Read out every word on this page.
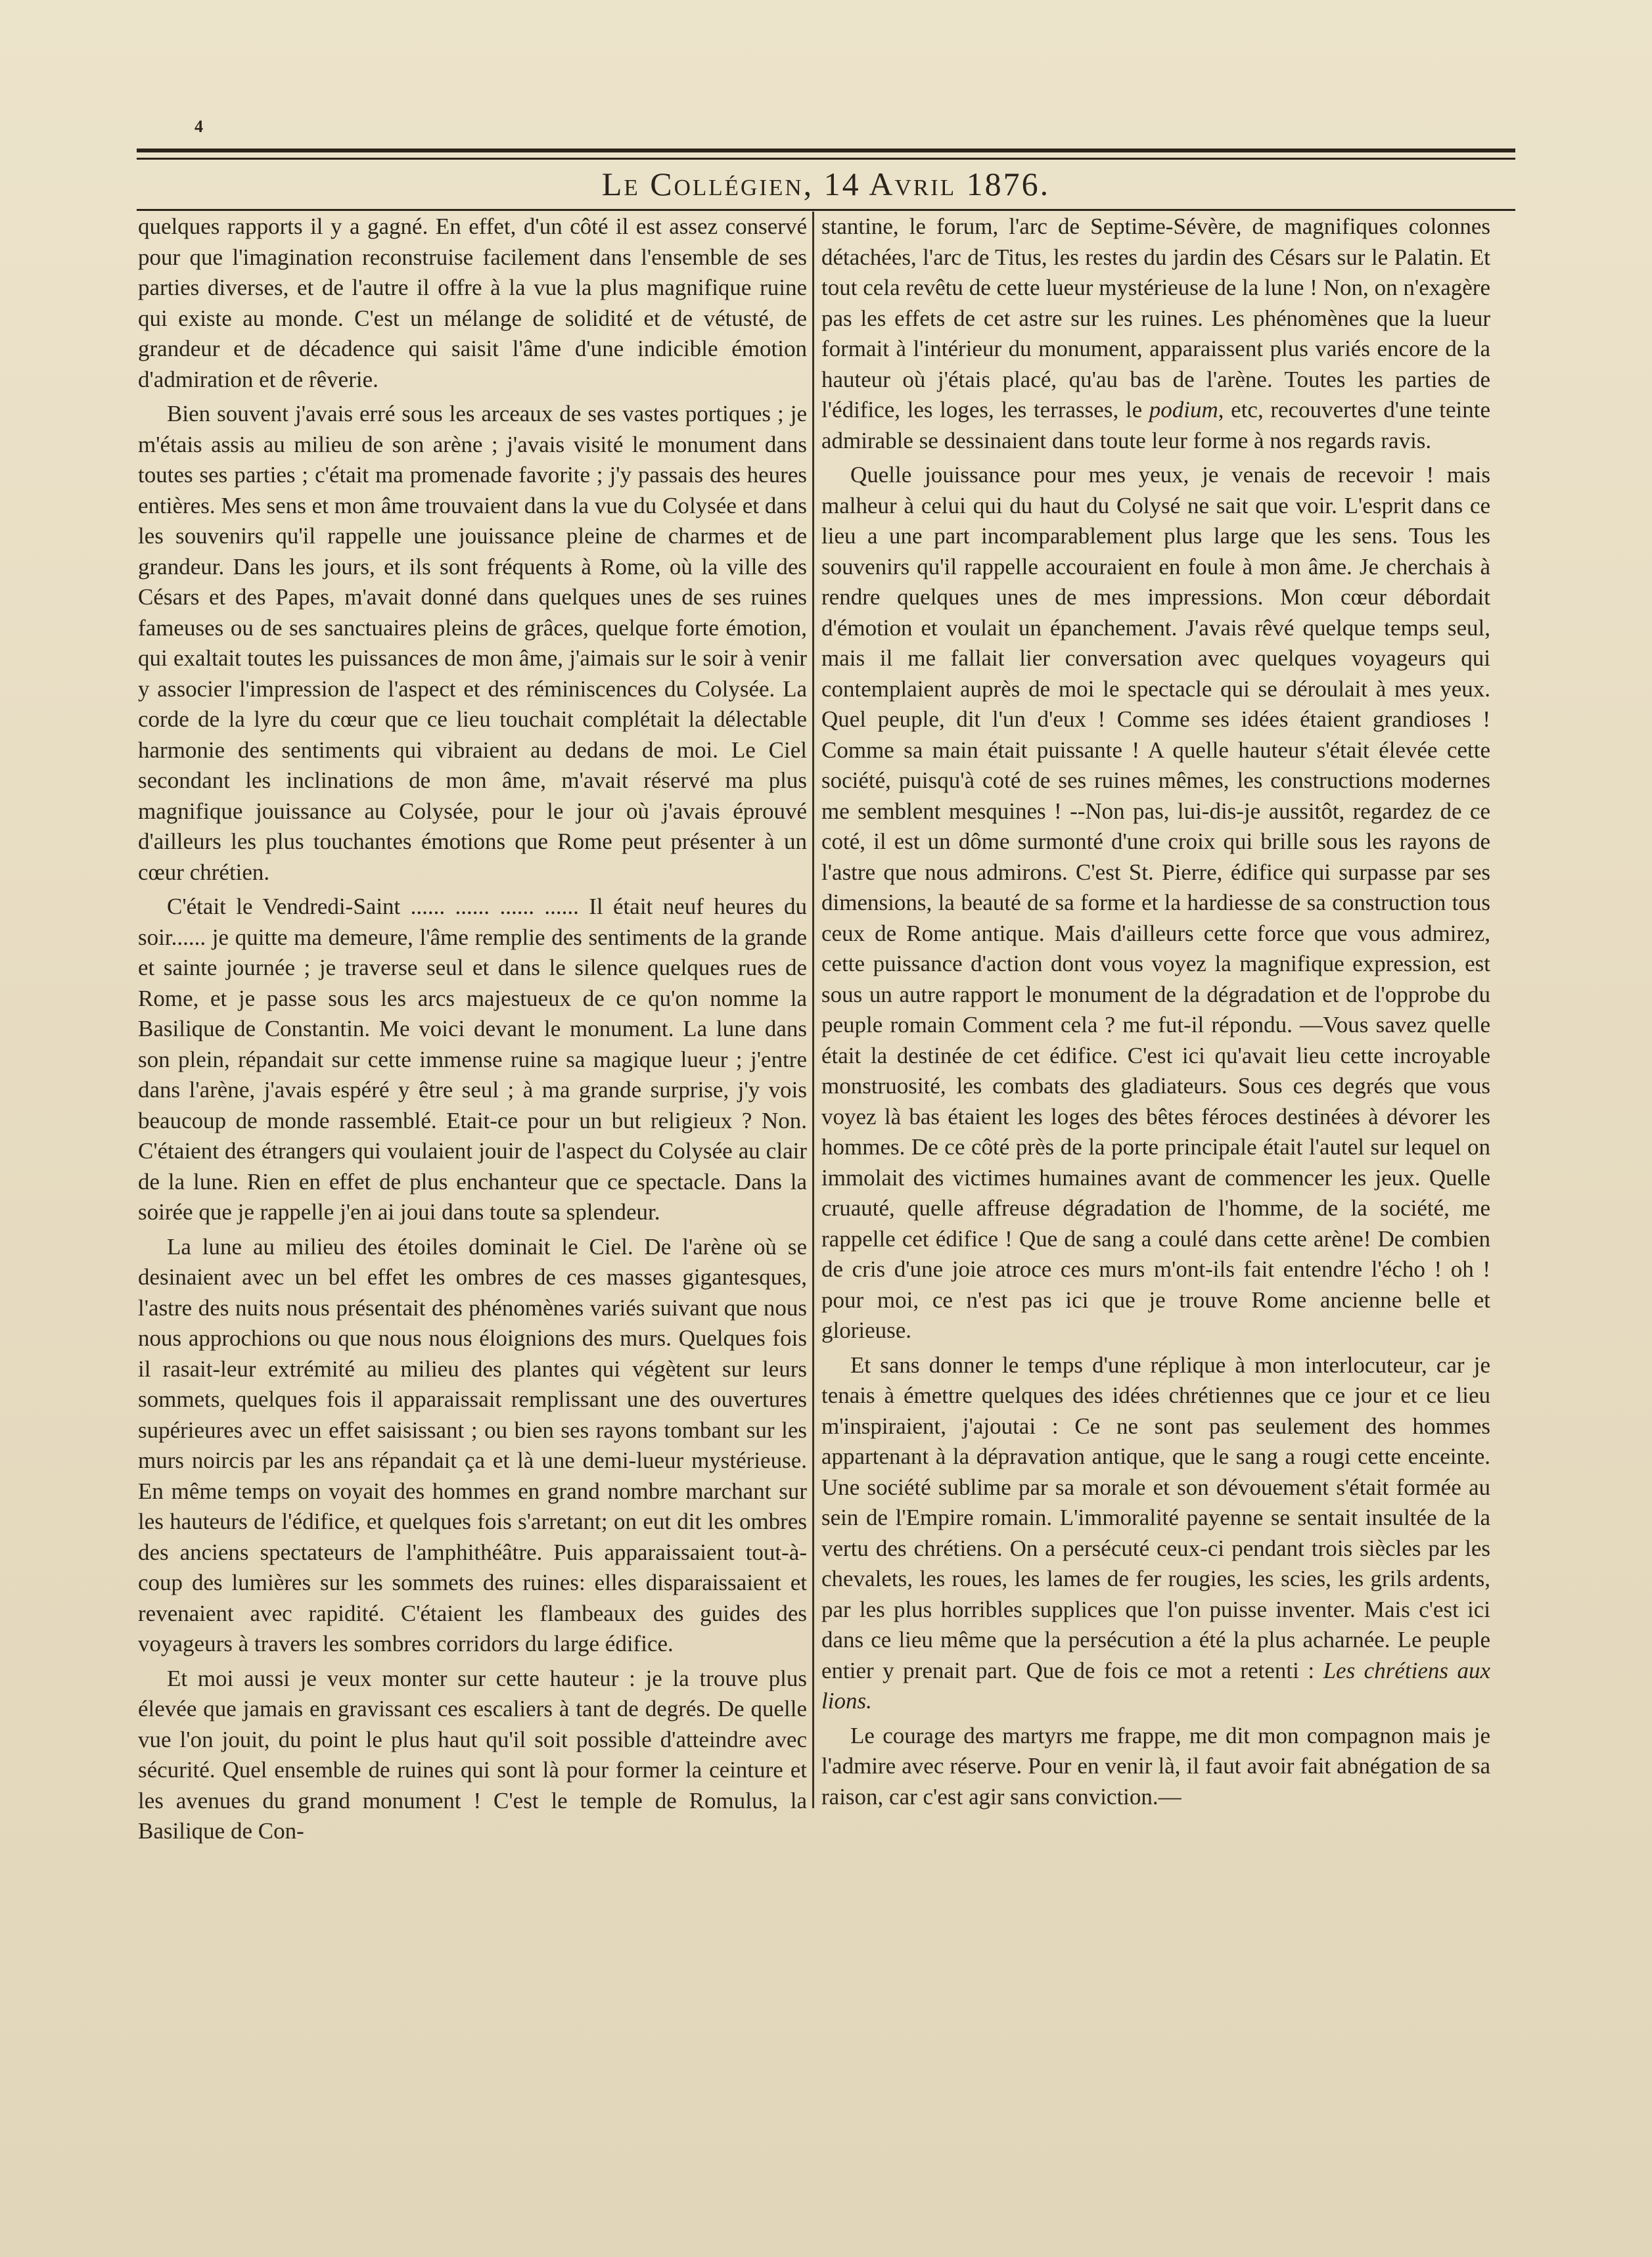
4
Le Collégien, 14 Avril 1876.

quelques rapports il y a gagné. En effet, d'un côté il est assez conservé pour que l'imagination reconstruise facilement dans l'ensemble de ses parties diverses, et de l'autre il offre à la vue la plus magnifique ruine qui existe au monde. C'est un mélange de solidité et de vétusté, de grandeur et de décadence qui saisit l'âme d'une indicible émotion d'admiration et de rêverie.

Bien souvent j'avais erré sous les arceaux de ses vastes portiques ; je m'étais assis au milieu de son arène ; j'avais visité le monument dans toutes ses parties ; c'était ma promenade favorite ; j'y passais des heures entières. Mes sens et mon âme trouvaient dans la vue du Colysée et dans les souvenirs qu'il rappelle une jouissance pleine de charmes et de grandeur. Dans les jours, et ils sont fréquents à Rome, où la ville des Césars et des Papes, m'avait donné dans quelques unes de ses ruines fameuses ou de ses sanctuaires pleins de grâces, quelque forte émotion, qui exaltait toutes les puissances de mon âme, j'aimais sur le soir à venir y associer l'impression de l'aspect et des réminiscences du Colysée. La corde de la lyre du cœur que ce lieu touchait complétait la délectable harmonie des sentiments qui vibraient au dedans de moi. Le Ciel secondant les inclinations de mon âme, m'avait réservé ma plus magnifique jouissance au Colysée, pour le jour où j'avais éprouvé d'ailleurs les plus touchantes émotions que Rome peut présenter à un cœur chrétien.

C'était le Vendredi-Saint ...... ...... ...... ...... Il était neuf heures du soir...... je quitte ma demeure, l'âme remplie des sentiments de la grande et sainte journée ; je traverse seul et dans le silence quelques rues de Rome, et je passe sous les arcs majestueux de ce qu'on nomme la Basilique de Constantin. Me voici devant le monument. La lune dans son plein, répandait sur cette immense ruine sa magique lueur ; j'entre dans l'arène, j'avais espéré y être seul ; à ma grande surprise, j'y vois beaucoup de monde rassemblé. Etait-ce pour un but religieux ? Non. C'étaient des étrangers qui voulaient jouir de l'aspect du Colysée au clair de la lune. Rien en effet de plus enchanteur que ce spectacle. Dans la soirée que je rappelle j'en ai joui dans toute sa splendeur.

La lune au milieu des étoiles dominait le Ciel. De l'arène où se desinaient avec un bel effet les ombres de ces masses gigantesques, l'astre des nuits nous présentait des phénomènes variés suivant que nous nous approchions ou que nous nous éloignions des murs. Quelques fois il rasait-leur extrémité au milieu des plantes qui végètent sur leurs sommets, quelques fois il apparaissait remplissant une des ouvertures supérieures avec un effet saisissant ; ou bien ses rayons tombant sur les murs noircis par les ans répandait ça et là une demi-lueur mystérieuse. En même temps on voyait des hommes en grand nombre marchant sur les hauteurs de l'édifice, et quelques fois s'arretant; on eut dit les ombres des anciens spectateurs de l'amphithéâtre. Puis apparaissaient tout-à-coup des lumières sur les sommets des ruines: elles disparaissaient et revenaient avec rapidité. C'étaient les flambeaux des guides des voyageurs à travers les sombres corridors du large édifice.

Et moi aussi je veux monter sur cette hauteur : je la trouve plus élevée que jamais en gravissant ces escaliers à tant de degrés. De quelle vue l'on jouit, du point le plus haut qu'il soit possible d'atteindre avec sécurité. Quel ensemble de ruines qui sont là pour former la ceinture et les avenues du grand monument ! C'est le temple de Romulus, la Basilique de Con-

stantine, le forum, l'arc de Septime-Sévère, de magnifiques colonnes détachées, l'arc de Titus, les restes du jardin des Césars sur le Palatin. Et tout cela revêtu de cette lueur mystérieuse de la lune ! Non, on n'exagère pas les effets de cet astre sur les ruines. Les phénomènes que la lueur formait à l'intérieur du monument, apparaissent plus variés encore de la hauteur où j'étais placé, qu'au bas de l'arène. Toutes les parties de l'édifice, les loges, les terrasses, le podium, etc, recouvertes d'une teinte admirable se dessinaient dans toute leur forme à nos regards ravis.

Quelle jouissance pour mes yeux, je venais de recevoir ! mais malheur à celui qui du haut du Colysé ne sait que voir. L'esprit dans ce lieu a une part incomparablement plus large que les sens. Tous les souvenirs qu'il rappelle accouraient en foule à mon âme. Je cherchais à rendre quelques unes de mes impressions. Mon cœur débordait d'émotion et voulait un épanchement. J'avais rêvé quelque temps seul, mais il me fallait lier conversation avec quelques voyageurs qui contemplaient auprès de moi le spectacle qui se déroulait à mes yeux. Quel peuple, dit l'un d'eux ! Comme ses idées étaient grandioses ! Comme sa main était puissante ! A quelle hauteur s'était élevée cette société, puisqu'à coté de ses ruines mêmes, les constructions modernes me semblent mesquines ! --Non pas, lui-dis-je aussitôt, regardez de ce coté, il est un dôme surmonté d'une croix qui brille sous les rayons de l'astre que nous admirons. C'est St. Pierre, édifice qui surpasse par ses dimensions, la beauté de sa forme et la hardiesse de sa construction tous ceux de Rome antique. Mais d'ailleurs cette force que vous admirez, cette puissance d'action dont vous voyez la magnifique expression, est sous un autre rapport le monument de la dégradation et de l'opprobe du peuple romain Comment cela ? me fut-il répondu. —Vous savez quelle était la destinée de cet édifice. C'est ici qu'avait lieu cette incroyable monstruosité, les combats des gladiateurs. Sous ces degrés que vous voyez là bas étaient les loges des bêtes féroces destinées à dévorer les hommes. De ce côté près de la porte principale était l'autel sur lequel on immolait des victimes humaines avant de commencer les jeux. Quelle cruauté, quelle affreuse dégradation de l'homme, de la société, me rappelle cet édifice ! Que de sang a coulé dans cette arène! De combien de cris d'une joie atroce ces murs m'ont-ils fait entendre l'écho ! oh ! pour moi, ce n'est pas ici que je trouve Rome ancienne belle et glorieuse.

Et sans donner le temps d'une réplique à mon interlocuteur, car je tenais à émettre quelques des idées chrétiennes que ce jour et ce lieu m'inspiraient, j'ajoutai : Ce ne sont pas seulement des hommes appartenant à la dépravation antique, que le sang a rougi cette enceinte. Une société sublime par sa morale et son dévouement s'était formée au sein de l'Empire romain. L'immoralité payenne se sentait insultée de la vertu des chrétiens. On a persécuté ceux-ci pendant trois siècles par les chevalets, les roues, les lames de fer rougies, les scies, les grils ardents, par les plus horribles supplices que l'on puisse inventer. Mais c'est ici dans ce lieu même que la persécution a été la plus acharnée. Le peuple entier y prenait part. Que de fois ce mot a retenti : Les chrétiens aux lions.

Le courage des martyrs me frappe, me dit mon compagnon mais je l'admire avec réserve. Pour en venir là, il faut avoir fait abnégation de sa raison, car c'est agir sans conviction.—
